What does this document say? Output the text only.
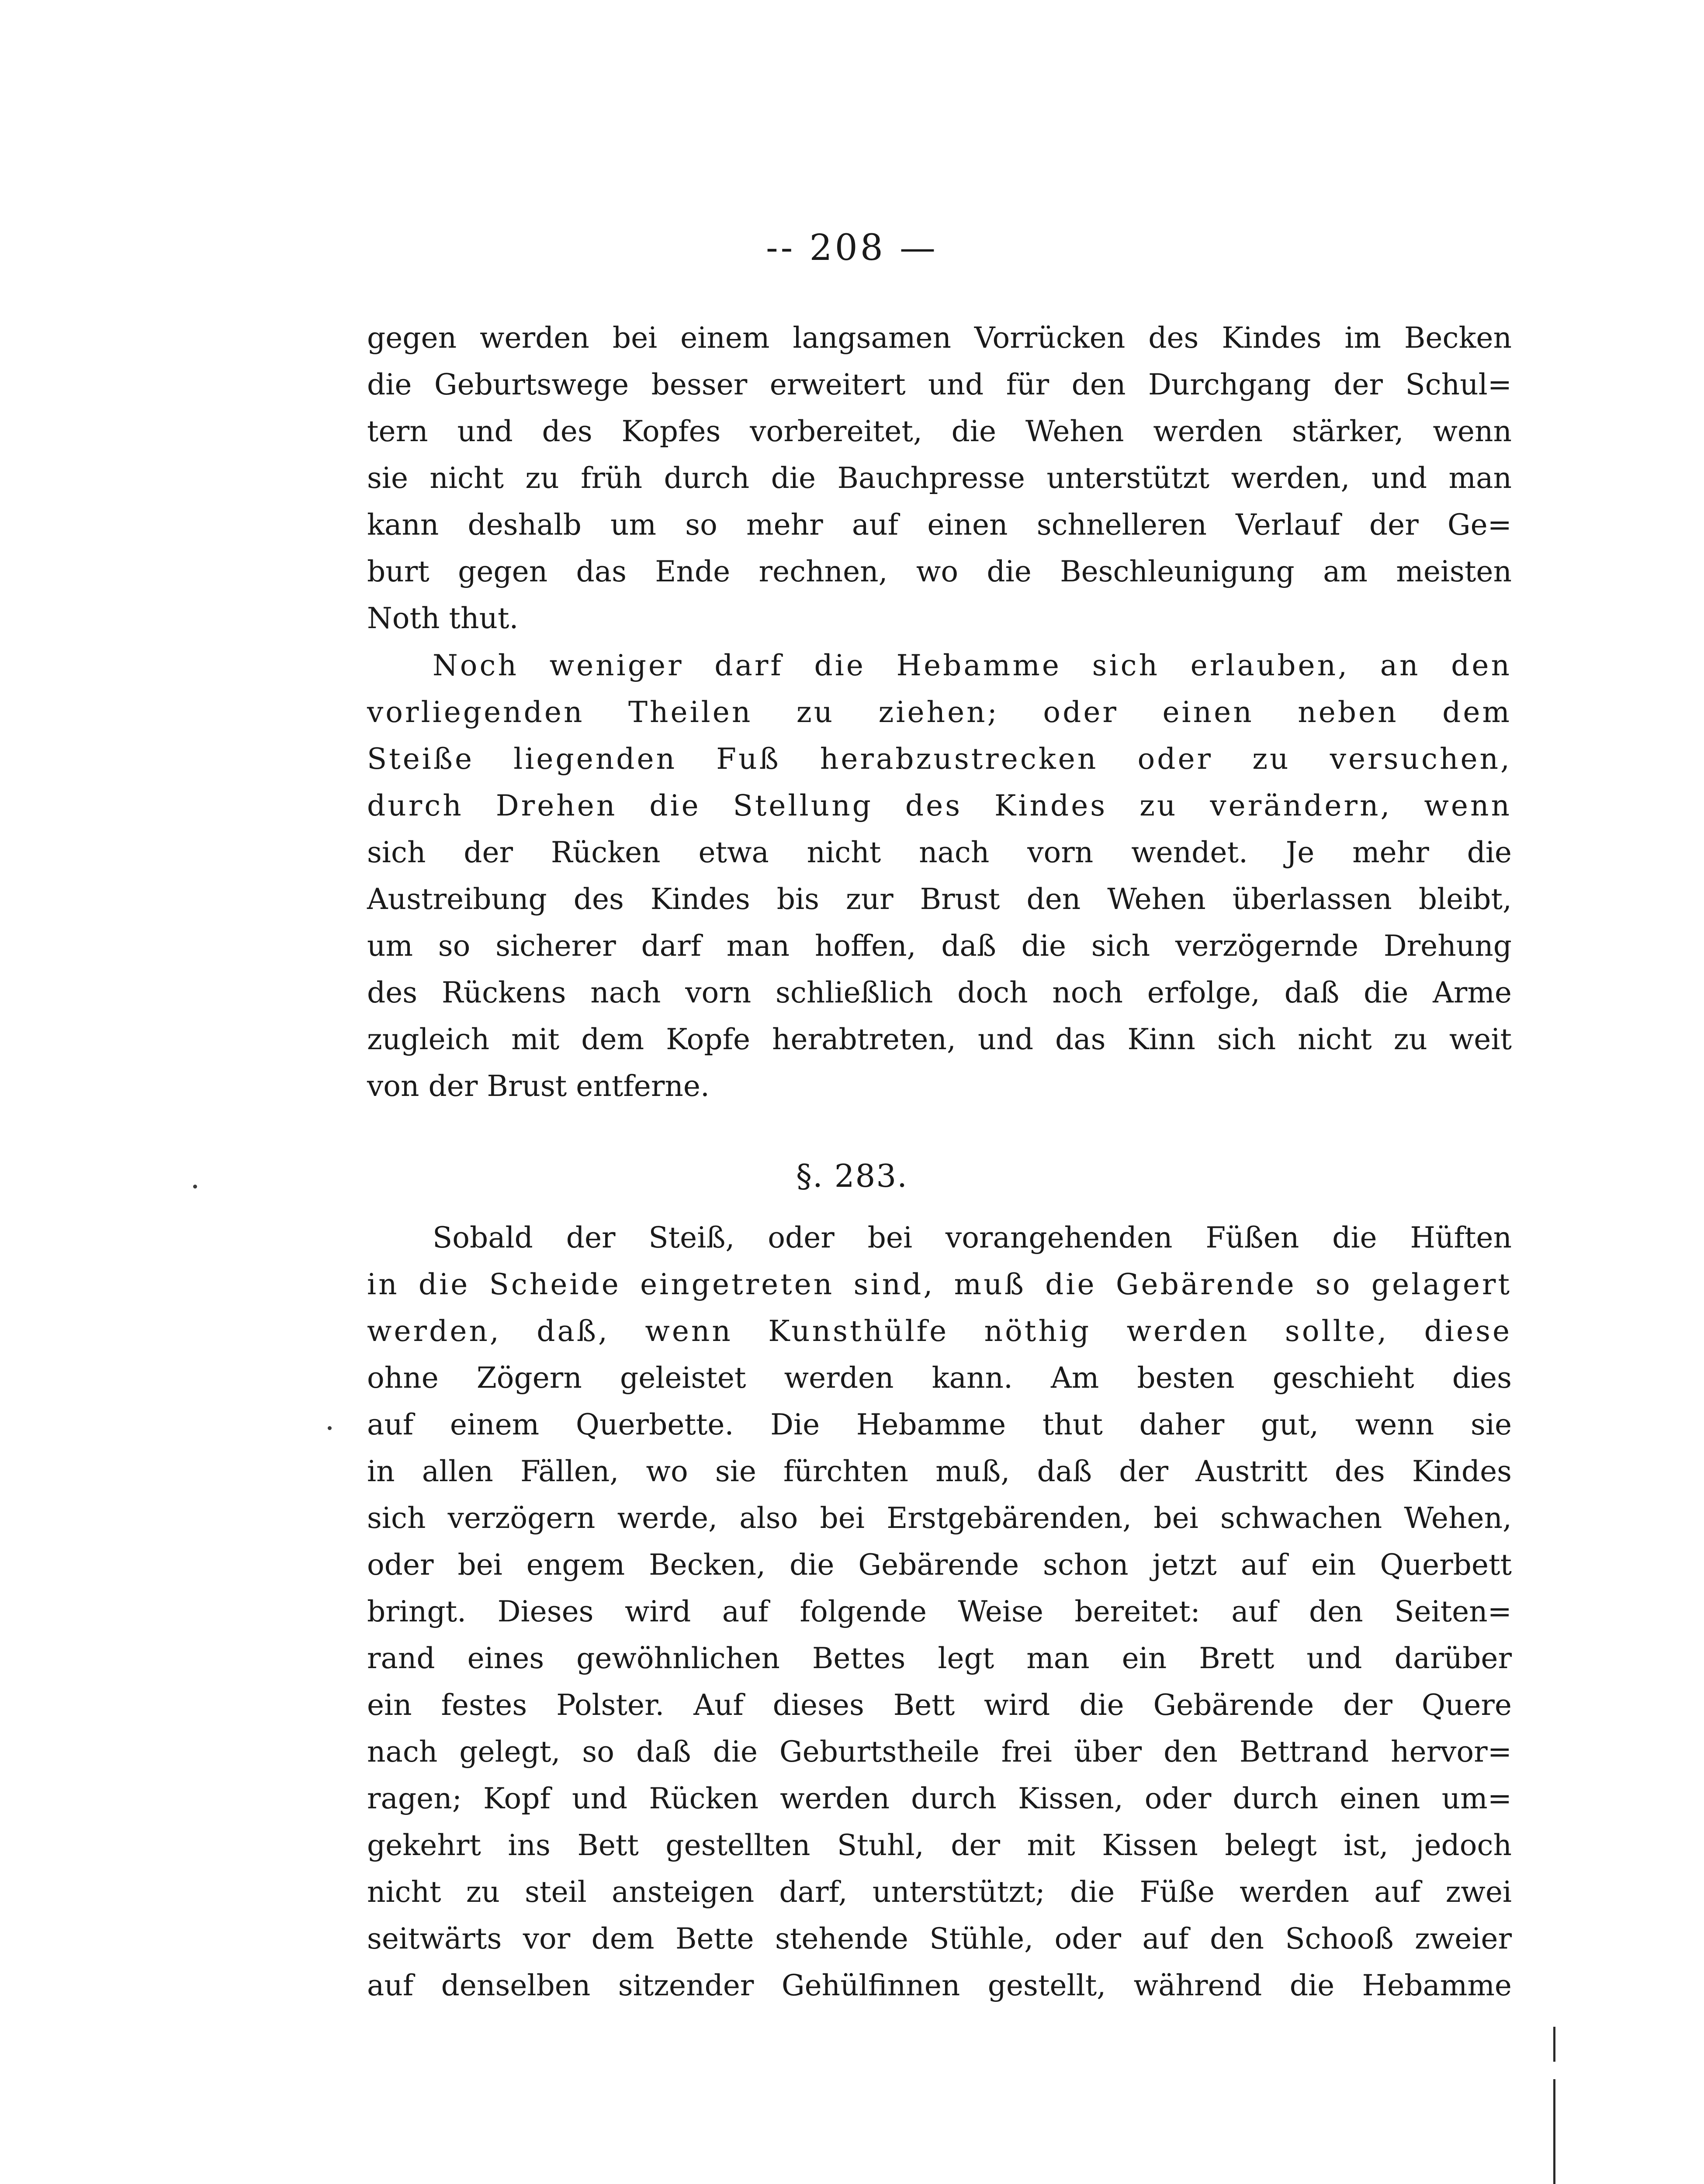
-- 208 —
gegen werden bei einem langsamen Vorrücken des Kindes im Becken
die Geburtswege besser erweitert und für den Durchgang der Schul=
tern und des Kopfes vorbereitet, die Wehen werden stärker, wenn
sie nicht zu früh durch die Bauchpresse unterstützt werden, und man
kann deshalb um so mehr auf einen schnelleren Verlauf der Ge=
burt gegen das Ende rechnen, wo die Beschleunigung am meisten
Noth thut.
Noch weniger darf die Hebamme sich erlauben, an den
vorliegenden Theilen zu ziehen; oder einen neben dem
Steiße liegenden Fuß herabzustrecken oder zu versuchen,
durch Drehen die Stellung des Kindes zu verändern, wenn
sich der Rücken etwa nicht nach vorn wendet. Je mehr die
Austreibung des Kindes bis zur Brust den Wehen überlassen bleibt,
um so sicherer darf man hoffen, daß die sich verzögernde Drehung
des Rückens nach vorn schließlich doch noch erfolge, daß die Arme
zugleich mit dem Kopfe herabtreten, und das Kinn sich nicht zu weit
von der Brust entferne.
§. 283.
Sobald der Steiß, oder bei vorangehenden Füßen die Hüften
in die Scheide eingetreten sind, muß die Gebärende so gelagert
werden, daß, wenn Kunsthülfe nöthig werden sollte, diese
ohne Zögern geleistet werden kann. Am besten geschieht dies
auf einem Querbette. Die Hebamme thut daher gut, wenn sie
in allen Fällen, wo sie fürchten muß, daß der Austritt des Kindes
sich verzögern werde, also bei Erstgebärenden, bei schwachen Wehen,
oder bei engem Becken, die Gebärende schon jetzt auf ein Querbett
bringt. Dieses wird auf folgende Weise bereitet: auf den Seiten=
rand eines gewöhnlichen Bettes legt man ein Brett und darüber
ein festes Polster. Auf dieses Bett wird die Gebärende der Quere
nach gelegt, so daß die Geburtstheile frei über den Bettrand hervor=
ragen; Kopf und Rücken werden durch Kissen, oder durch einen um=
gekehrt ins Bett gestellten Stuhl, der mit Kissen belegt ist, jedoch
nicht zu steil ansteigen darf, unterstützt; die Füße werden auf zwei
seitwärts vor dem Bette stehende Stühle, oder auf den Schooß zweier
auf denselben sitzender Gehülfinnen gestellt, während die Hebamme
